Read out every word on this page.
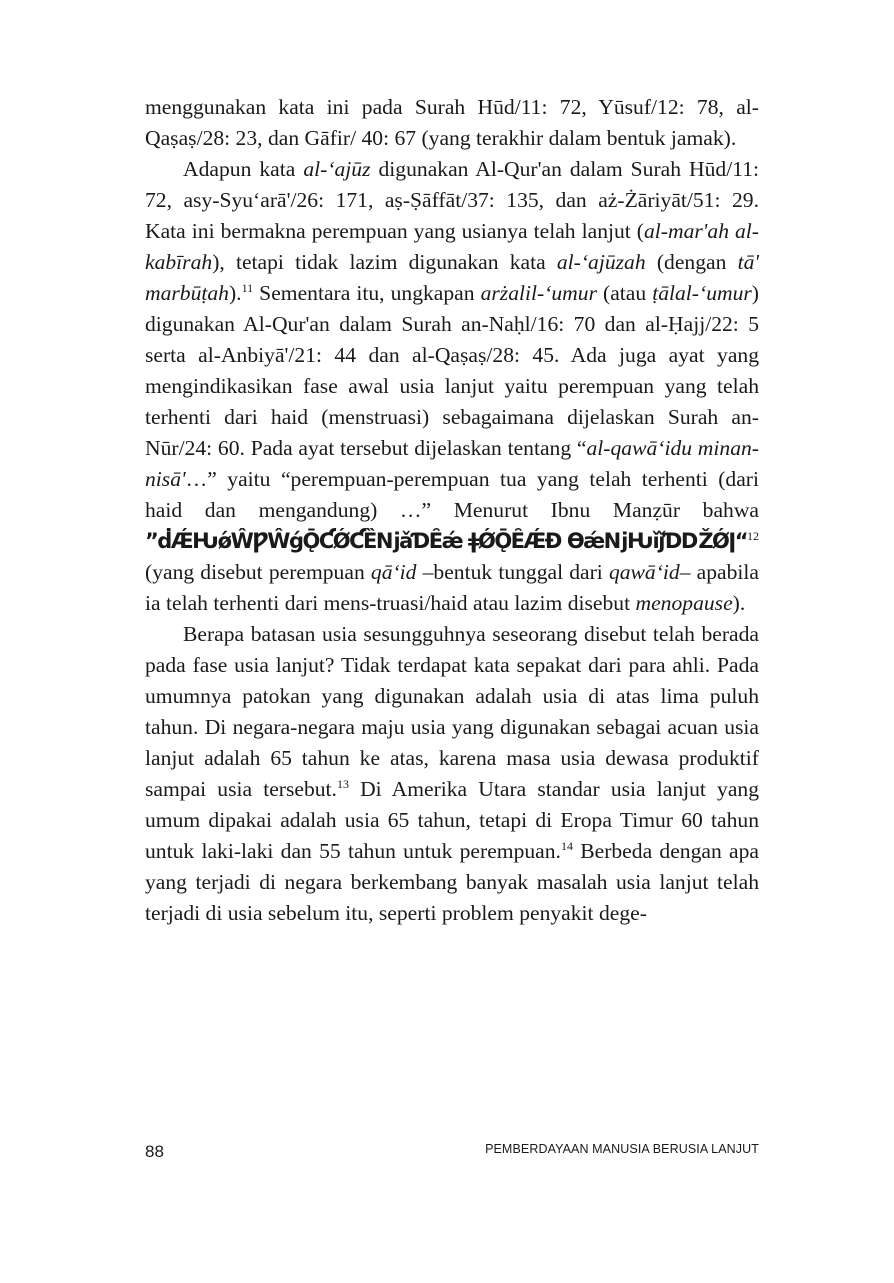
menggunakan kata ini pada Surah Hūd/11: 72, Yūsuf/12: 78, al-Qaṣaṣ/28: 23, dan Gāfir/ 40: 67 (yang terakhir dalam bentuk jamak).

Adapun kata al-‘ajūz digunakan Al-Qur'an dalam Surah Hūd/11: 72, asy-Syu‘arā'/26: 171, aṣ-Ṣāffāt/37: 135, dan aż-Żāriyāt/51: 29. Kata ini bermakna perempuan yang usianya telah lanjut (al-mar'ah al-kabīrah), tetapi tidak lazim digunakan kata al-‘ajūzah (dengan tā' marbūṭah).$^{11}$ Sementara itu, ungkapan arżalil-‘umur (atau ṭālal-‘umur) digunakan Al-Qur'an dalam Surah an-Naḥl/16: 70 dan al-Ḥajj/22: 5 serta al-Anbiyā'/21: 44 dan al-Qaṣaṣ/28: 45. Ada juga ayat yang mengindikasikan fase awal usia lanjut yaitu perempuan yang telah terhenti dari haid (menstruasi) sebagaimana dijelaskan Surah an-Nūr/24: 60. Pada ayat tersebut dijelaskan tentang “al-qawā‘idu minan-nisā'…” yaitu “perempuan-perempuan tua yang telah terhenti (dari haid dan mengandung) …” Menurut Ibnu Manẓūr bahwa ”ḋǼǶǿŴǷŴǵǬƇǾƇȄǋǎƊȆǽ ǂǾǬȆǼƉ ƟǽǋǶǐǰƊǄǾǀ“$^{12}$ (yang disebut perempuan qā‘id –bentuk tunggal dari qawā‘id– apabila ia telah terhenti dari mens-truasi/haid atau lazim disebut menopause).

Berapa batasan usia sesungguhnya seseorang disebut telah berada pada fase usia lanjut? Tidak terdapat kata sepakat dari para ahli. Pada umumnya patokan yang digunakan adalah usia di atas lima puluh tahun. Di negara-negara maju usia yang digunakan sebagai acuan usia lanjut adalah 65 tahun ke atas, karena masa usia dewasa produktif sampai usia tersebut.$^{13}$ Di Amerika Utara standar usia lanjut yang umum dipakai adalah usia 65 tahun, tetapi di Eropa Timur 60 tahun untuk laki-laki dan 55 tahun untuk perempuan.$^{14}$ Berbeda dengan apa yang terjadi di negara berkembang banyak masalah usia lanjut telah terjadi di usia sebelum itu, seperti problem penyakit dege-

88	PEMBERDAYAAN MANUSIA BERUSIA LANJUT
